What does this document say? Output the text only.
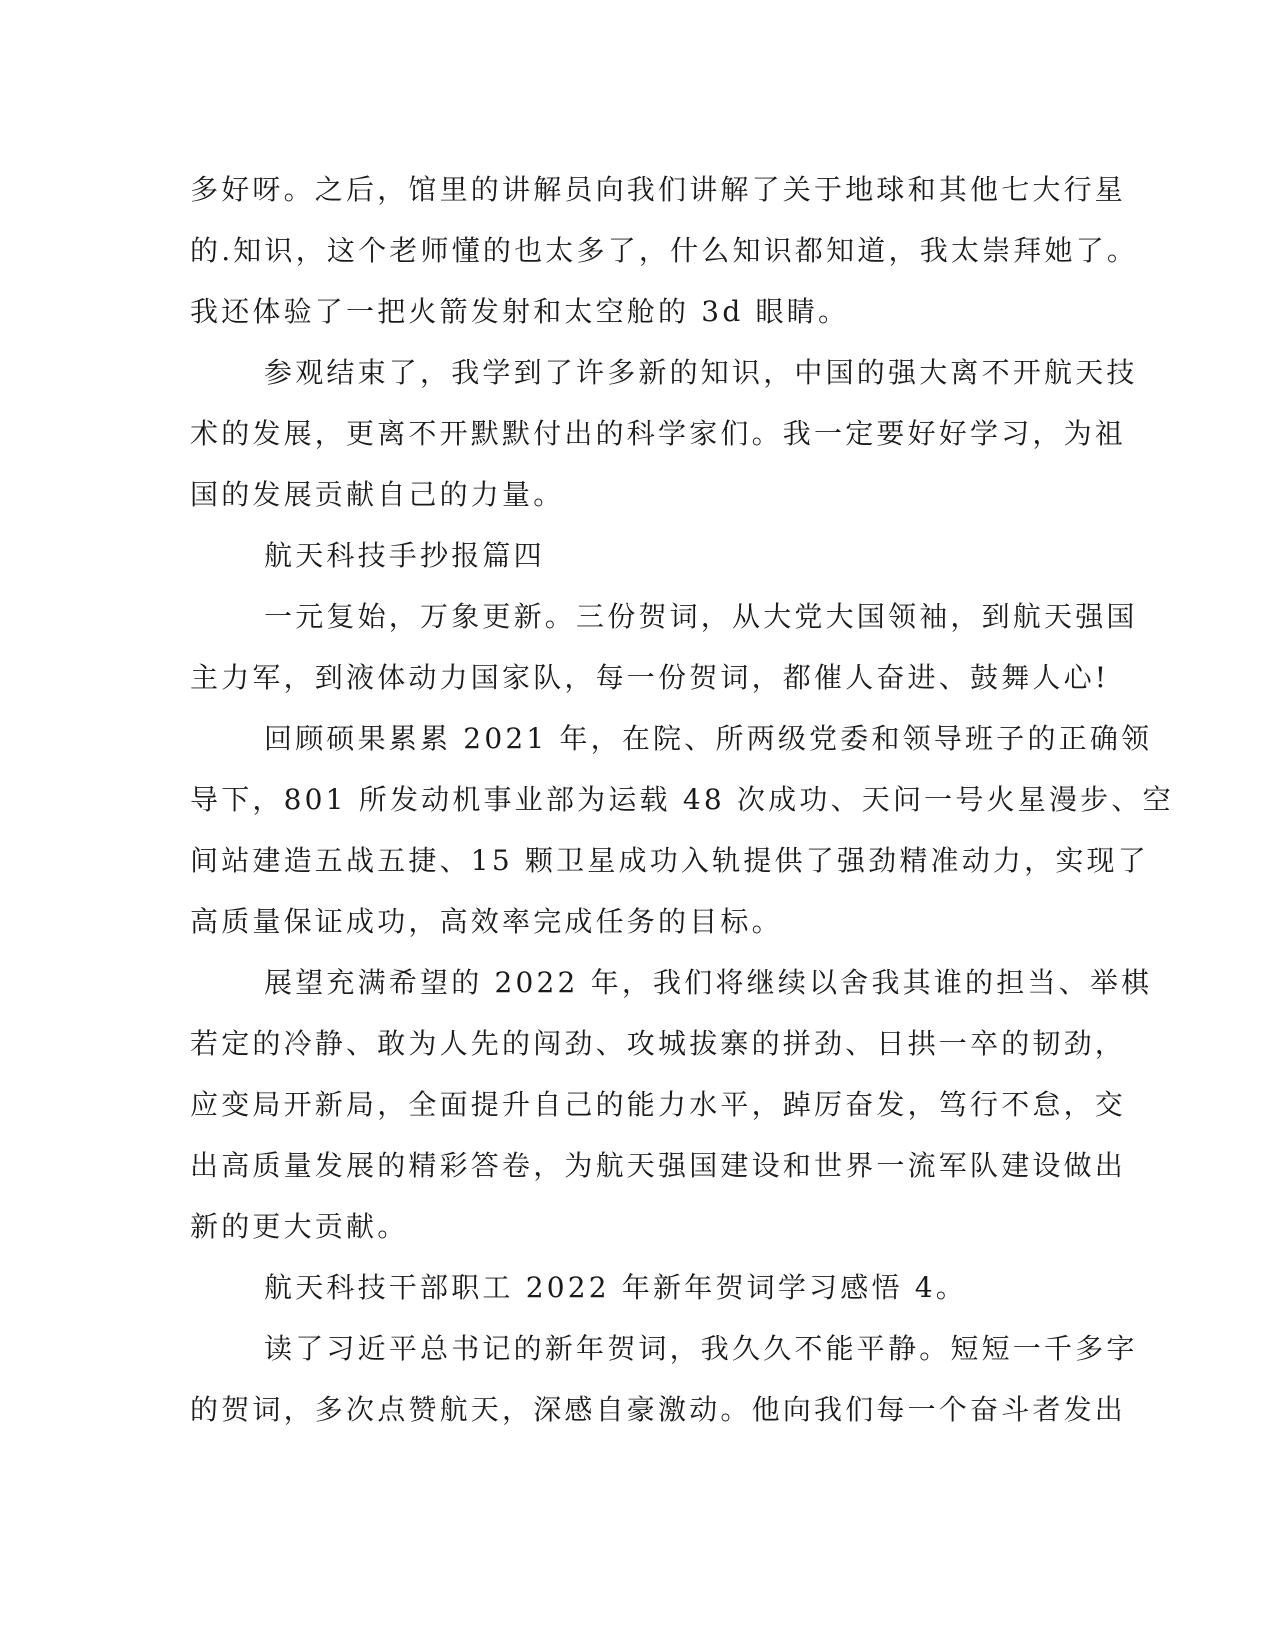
多好呀。之后，馆里的讲解员向我们讲解了关于地球和其他七大行星
的.知识，这个老师懂的也太多了，什么知识都知道，我太崇拜她了。
我还体验了一把火箭发射和太空舱的 3d 眼睛。
参观结束了，我学到了许多新的知识，中国的强大离不开航天技
术的发展，更离不开默默付出的科学家们。我一定要好好学习，为祖
国的发展贡献自己的力量。
航天科技手抄报篇四
一元复始，万象更新。三份贺词，从大党大国领袖，到航天强国
主力军，到液体动力国家队，每一份贺词，都催人奋进、鼓舞人心!
回顾硕果累累 2021 年，在院、所两级党委和领导班子的正确领
导下，801 所发动机事业部为运载 48 次成功、天问一号火星漫步、空
间站建造五战五捷、15 颗卫星成功入轨提供了强劲精准动力，实现了
高质量保证成功，高效率完成任务的目标。
展望充满希望的 2022 年，我们将继续以舍我其谁的担当、举棋
若定的冷静、敢为人先的闯劲、攻城拔寨的拼劲、日拱一卒的韧劲，
应变局开新局，全面提升自己的能力水平，踔厉奋发，笃行不怠，交
出高质量发展的精彩答卷，为航天强国建设和世界一流军队建设做出
新的更大贡献。
航天科技干部职工 2022 年新年贺词学习感悟 4。
读了习近平总书记的新年贺词，我久久不能平静。短短一千多字
的贺词，多次点赞航天，深感自豪激动。他向我们每一个奋斗者发出
